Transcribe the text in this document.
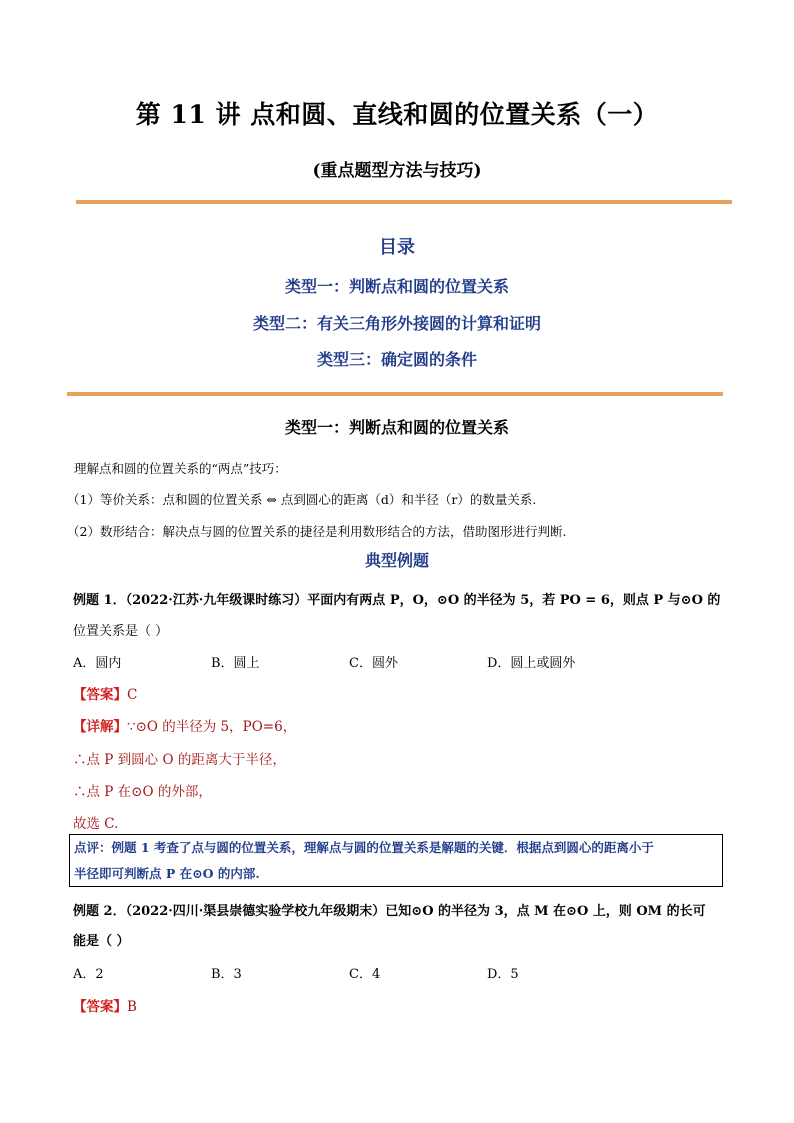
第 11 讲 点和圆、直线和圆的位置关系（一）
(重点题型方法与技巧)
目录
类型一：判断点和圆的位置关系
类型二：有关三角形外接圆的计算和证明
类型三：确定圆的条件
类型一：判断点和圆的位置关系
理解点和圆的位置关系的“两点”技巧：
（1）等价关系：点和圆的位置关系 ⇔ 点到圆心的距离（d）和半径（r）的数量关系.
（2）数形结合：解决点与圆的位置关系的捷径是利用数形结合的方法，借助图形进行判断.
典型例题
例题 1．（2022·江苏·九年级课时练习）平面内有两点 P，O，⊙O 的半径为 5，若 PO = 6，则点 P 与⊙O 的
位置关系是（ ）
A．圆内	B．圆上	C．圆外	D．圆上或圆外
【答案】C
【详解】∵⊙O 的半径为 5，PO=6，
∴点 P 到圆心 O 的距离大于半径，
∴点 P 在⊙O 的外部，
故选 C.
点评：例题 1 考查了点与圆的位置关系，理解点与圆的位置关系是解题的关键．根据点到圆心的距离小于
半径即可判断点 P 在⊙O 的内部.
例题 2．（2022·四川·渠县崇德实验学校九年级期末）已知⊙O 的半径为 3，点 M 在⊙O 上，则 OM 的长可
能是（ ）
A．2	B．3	C．4	D．5
【答案】B
